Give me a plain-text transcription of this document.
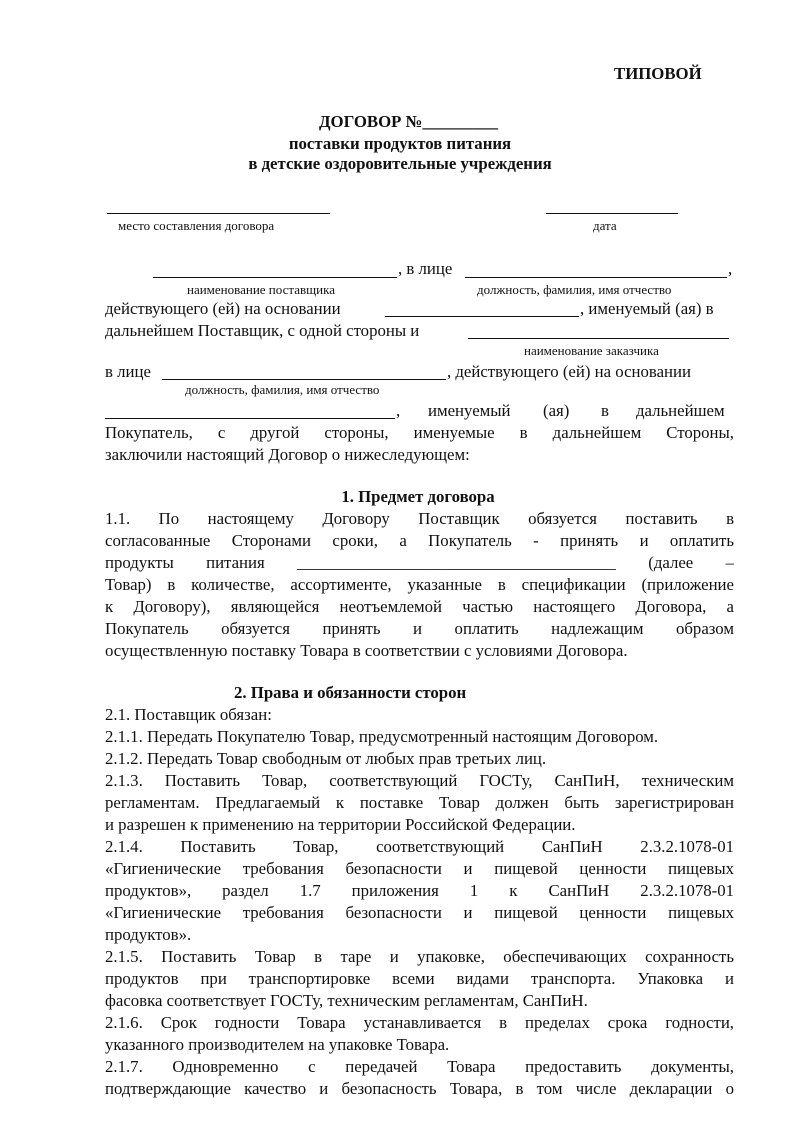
ТИПОВОЙ
ДОГОВОР №_________
поставки продуктов питания
в детские оздоровительные учреждения
место составления договора	дата
, в лице	,
наименование поставщика	должность, фамилия, имя отчество
действующего (ей) на основании	, именуемый (ая) в
дальнейшем Поставщик, с одной стороны и
наименование заказчика
в лице	, действующего (ей) на основании
должность, фамилия, имя отчество
, именуемый (ая) в дальнейшем
Покупатель, с другой стороны, именуемые в дальнейшем Стороны,
заключили настоящий Договор о нижеследующем:
1. Предмет договора
1.1. По настоящему Договору Поставщик обязуется поставить в
согласованные Сторонами сроки, а Покупатель - принять и оплатить
продукты питания ______________________________________ (далее –
Товар) в количестве, ассортименте, указанные в спецификации (приложение
к Договору), являющейся неотъемлемой частью настоящего Договора, а
Покупатель обязуется принять и оплатить надлежащим образом
осуществленную поставку Товара в соответствии с условиями Договора.
2. Права и обязанности сторон
2.1. Поставщик обязан:
2.1.1. Передать Покупателю Товар, предусмотренный настоящим Договором.
2.1.2. Передать Товар свободным от любых прав третьих лиц.
2.1.3. Поставить Товар, соответствующий ГОСТу, СанПиН, техническим
регламентам. Предлагаемый к поставке Товар должен быть зарегистрирован
и разрешен к применению на территории Российской Федерации.
2.1.4. Поставить Товар, соответствующий СанПиН 2.3.2.1078-01
«Гигиенические требования безопасности и пищевой ценности пищевых
продуктов», раздел 1.7 приложения 1 к СанПиН 2.3.2.1078-01
«Гигиенические требования безопасности и пищевой ценности пищевых
продуктов».
2.1.5. Поставить Товар в таре и упаковке, обеспечивающих сохранность
продуктов при транспортировке всеми видами транспорта. Упаковка и
фасовка соответствует ГОСТу, техническим регламентам, СанПиН.
2.1.6. Срок годности Товара устанавливается в пределах срока годности,
указанного производителем на упаковке Товара.
2.1.7. Одновременно с передачей Товара предоставить документы,
подтверждающие качество и безопасность Товара, в том числе декларации о
